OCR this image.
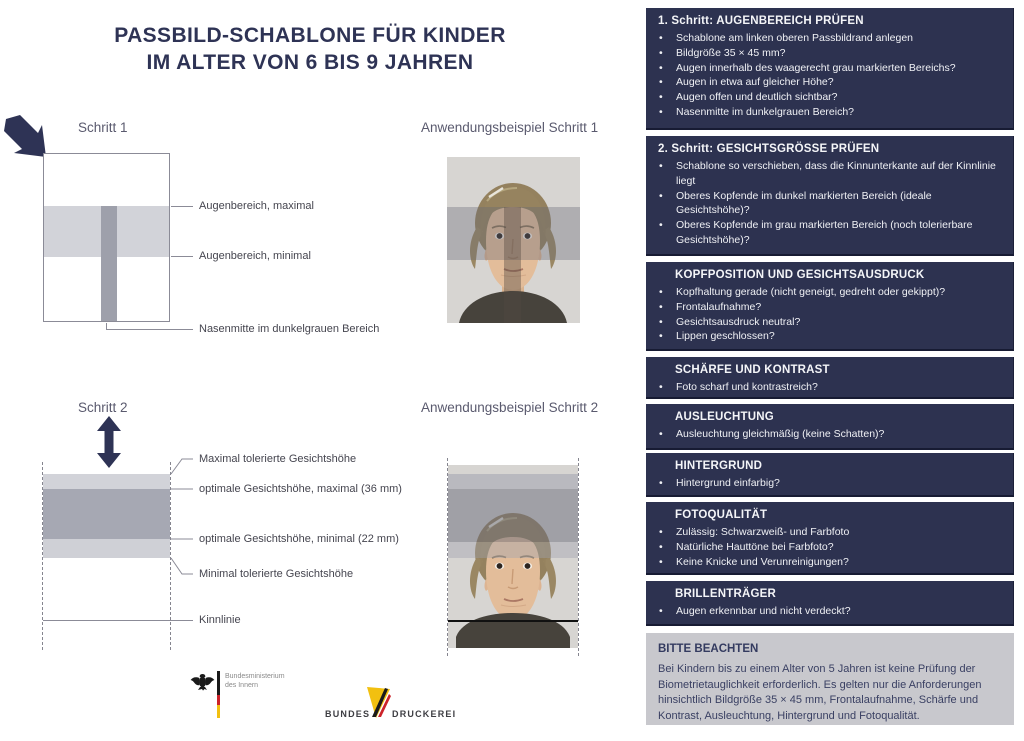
PASSBILD-SCHABLONE FÜR KINDER
IM ALTER VON 6 BIS 9 JAHREN
Schritt 1	Anwendungsbeispiel Schritt 1
Augenbereich, maximal
Augenbereich, minimal
Nasenmitte im dunkelgrauen Bereich
Schritt 2	Anwendungsbeispiel Schritt 2
Maximal tolerierte Gesichtshöhe
optimale Gesichtshöhe, maximal (36 mm)
optimale Gesichtshöhe, minimal (22 mm)
Minimal tolerierte Gesichtshöhe
Kinnlinie
Bundesministerium
des Innern
BUNDES DRUCKEREI
1. Schritt: AUGENBEREICH PRÜFEN
•	Schablone am linken oberen Passbildrand anlegen
•	Bildgröße 35 × 45 mm?
•	Augen innerhalb des waagerecht grau markierten Bereichs?
•	Augen in etwa auf gleicher Höhe?
•	Augen offen und deutlich sichtbar?
•	Nasenmitte im dunkelgrauen Bereich?
2. Schritt: GESICHTSGRÖSSE PRÜFEN
•	Schablone so verschieben, dass die Kinnunterkante auf der Kinnlinie liegt
•	Oberes Kopfende im dunkel markierten Bereich (ideale Gesichtshöhe)?
•	Oberes Kopfende im grau markierten Bereich (noch tolerierbare Gesichtshöhe)?
KOPFPOSITION UND GESICHTSAUSDRUCK
•	Kopfhaltung gerade (nicht geneigt, gedreht oder gekippt)?
•	Frontalaufnahme?
•	Gesichtsausdruck neutral?
•	Lippen geschlossen?
SCHÄRFE UND KONTRAST
•	Foto scharf und kontrastreich?
AUSLEUCHTUNG
•	Ausleuchtung gleichmäßig (keine Schatten)?
HINTERGRUND
•	Hintergrund einfarbig?
FOTOQUALITÄT
•	Zulässig: Schwarzweiß- und Farbfoto
•	Natürliche Hauttöne bei Farbfoto?
•	Keine Knicke und Verunreinigungen?
BRILLENTRÄGER
•	Augen erkennbar und nicht verdeckt?
BITTE BEACHTEN

Bei Kindern bis zu einem Alter von 5 Jahren ist keine Prüfung der Biometrietauglichkeit erforderlich. Es gelten nur die Anforderungen hinsichtlich Bildgröße 35 × 45 mm, Frontalaufnahme, Schärfe und Kontrast, Ausleuchtung, Hintergrund und Fotoqualität.
